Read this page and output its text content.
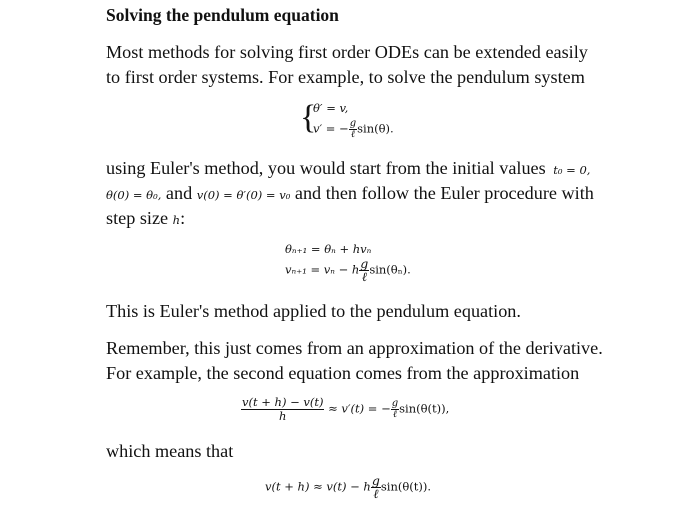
Solving the pendulum equation
Most methods for solving first order ODEs can be extended easily
to first order systems. For example, to solve the pendulum system
{
θ′ = v,
v′ = − $\frac{g}{\text{ℓ}} \sin(\theta)$.
using Euler's method, you would start from the initial values t₀ = 0,
θ(0) = θ₀, and v(0) = θ′(0) = v₀ and then follow the Euler procedure with
step size h:
θₙ₊₁ = θₙ + hvₙ
vₙ₊₁ = vₙ − h $\frac{g}{\text{ℓ}} \sin(\theta_n)$.
This is Euler's method applied to the pendulum equation.
Remember, this just comes from an approximation of the derivative.
For example, the second equation comes from the approximation
$\frac{v(t + h) - v(t)}{h} \approx v'(t)$ = − $\frac{g}{\text{ℓ}} \sin(\theta(t))$,
which means that
v(t + h) ≈ v(t) − h $\frac{g}{\text{ℓ}} \sin(\theta(t))$.
